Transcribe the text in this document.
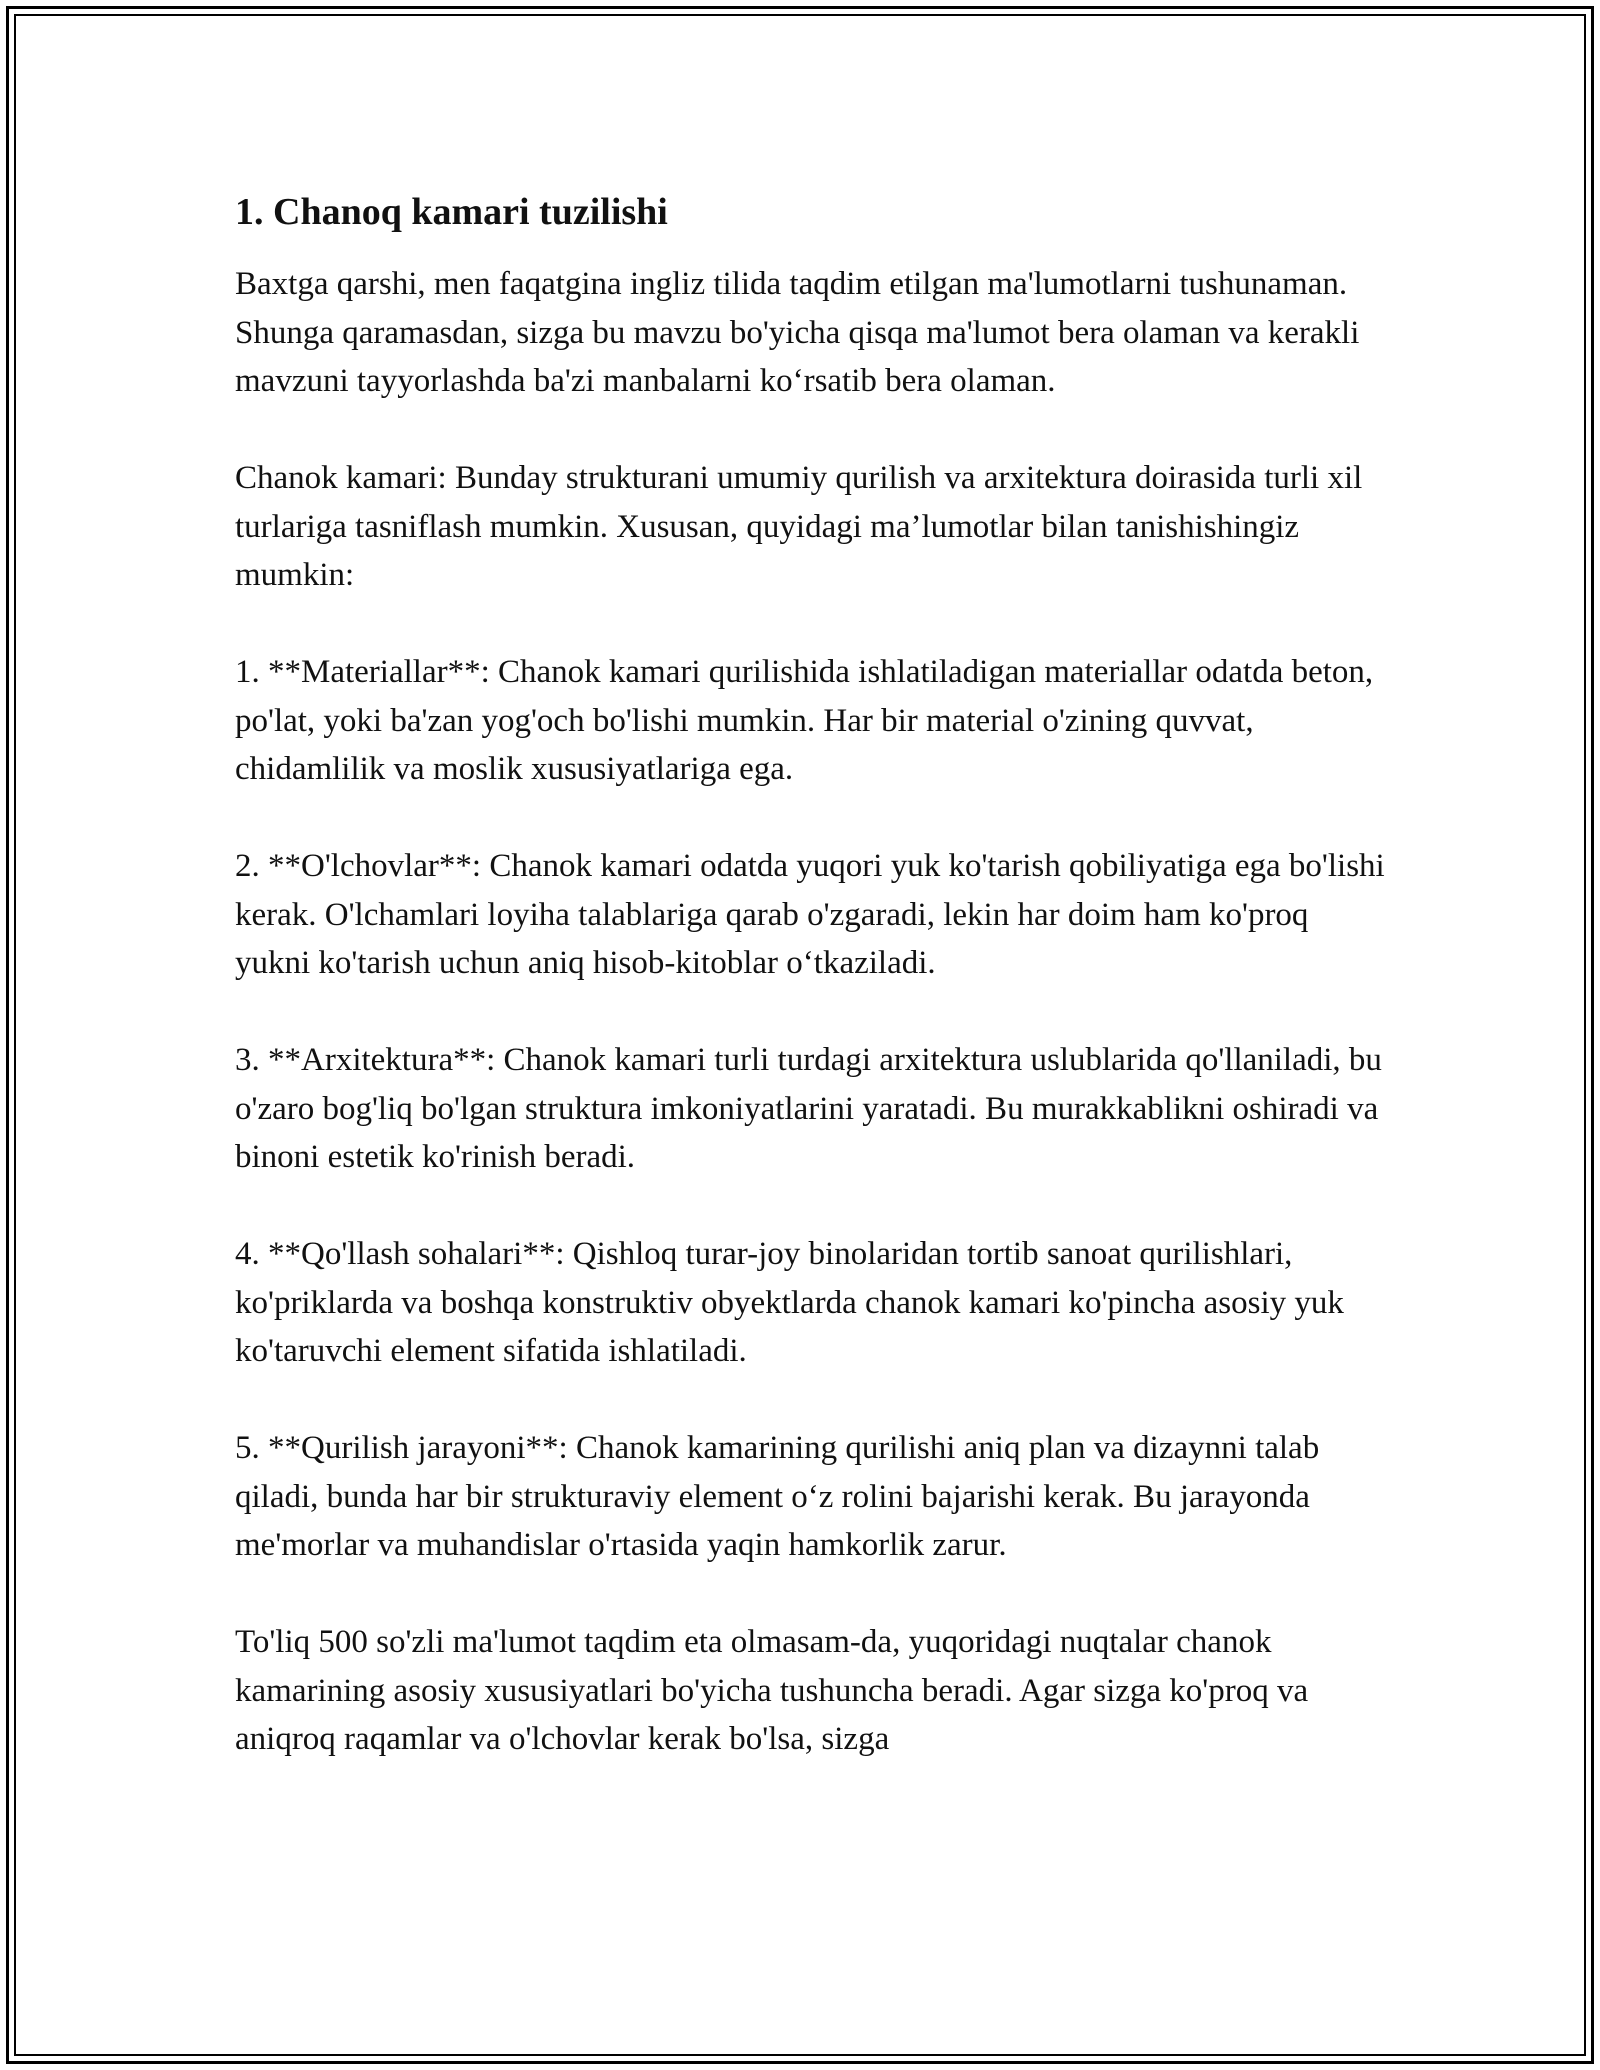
1. Chanoq kamari tuzilishi

Baxtga qarshi, men faqatgina ingliz tilida taqdim etilgan ma'lumotlarni tushunaman. Shunga qaramasdan, sizga bu mavzu bo'yicha qisqa ma'lumot bera olaman va kerakli mavzuni tayyorlashda ba'zi manbalarni ko‘rsatib bera olaman.

Chanok kamari: Bunday strukturani umumiy qurilish va arxitektura doirasida turli xil turlariga tasniflash mumkin. Xususan, quyidagi ma’lumotlar bilan tanishishingiz mumkin:

1. **Materiallar**: Chanok kamari qurilishida ishlatiladigan materiallar odatda beton, po'lat, yoki ba'zan yog'och bo'lishi mumkin. Har bir material o'zining quvvat, chidamlilik va moslik xususiyatlariga ega.

2. **O'lchovlar**: Chanok kamari odatda yuqori yuk ko'tarish qobiliyatiga ega bo'lishi kerak. O'lchamlari loyiha talablariga qarab o'zgaradi, lekin har doim ham ko'proq yukni ko'tarish uchun aniq hisob-kitoblar o‘tkaziladi.

3. **Arxitektura**: Chanok kamari turli turdagi arxitektura uslublarida qo'llaniladi, bu o'zaro bog'liq bo'lgan struktura imkoniyatlarini yaratadi. Bu murakkablikni oshiradi va binoni estetik ko'rinish beradi.

4. **Qo'llash sohalari**: Qishloq turar-joy binolaridan tortib sanoat qurilishlari, ko'priklarda va boshqa konstruktiv obyektlarda chanok kamari ko'pincha asosiy yuk ko'taruvchi element sifatida ishlatiladi.

5. **Qurilish jarayoni**: Chanok kamarining qurilishi aniq plan va dizaynni talab qiladi, bunda har bir strukturaviy element o‘z rolini bajarishi kerak. Bu jarayonda me'morlar va muhandislar o'rtasida yaqin hamkorlik zarur.

To'liq 500 so'zli ma'lumot taqdim eta olmasam-da, yuqoridagi nuqtalar chanok kamarining asosiy xususiyatlari bo'yicha tushuncha beradi. Agar sizga ko'proq va aniqroq raqamlar va o'lchovlar kerak bo'lsa, sizga
